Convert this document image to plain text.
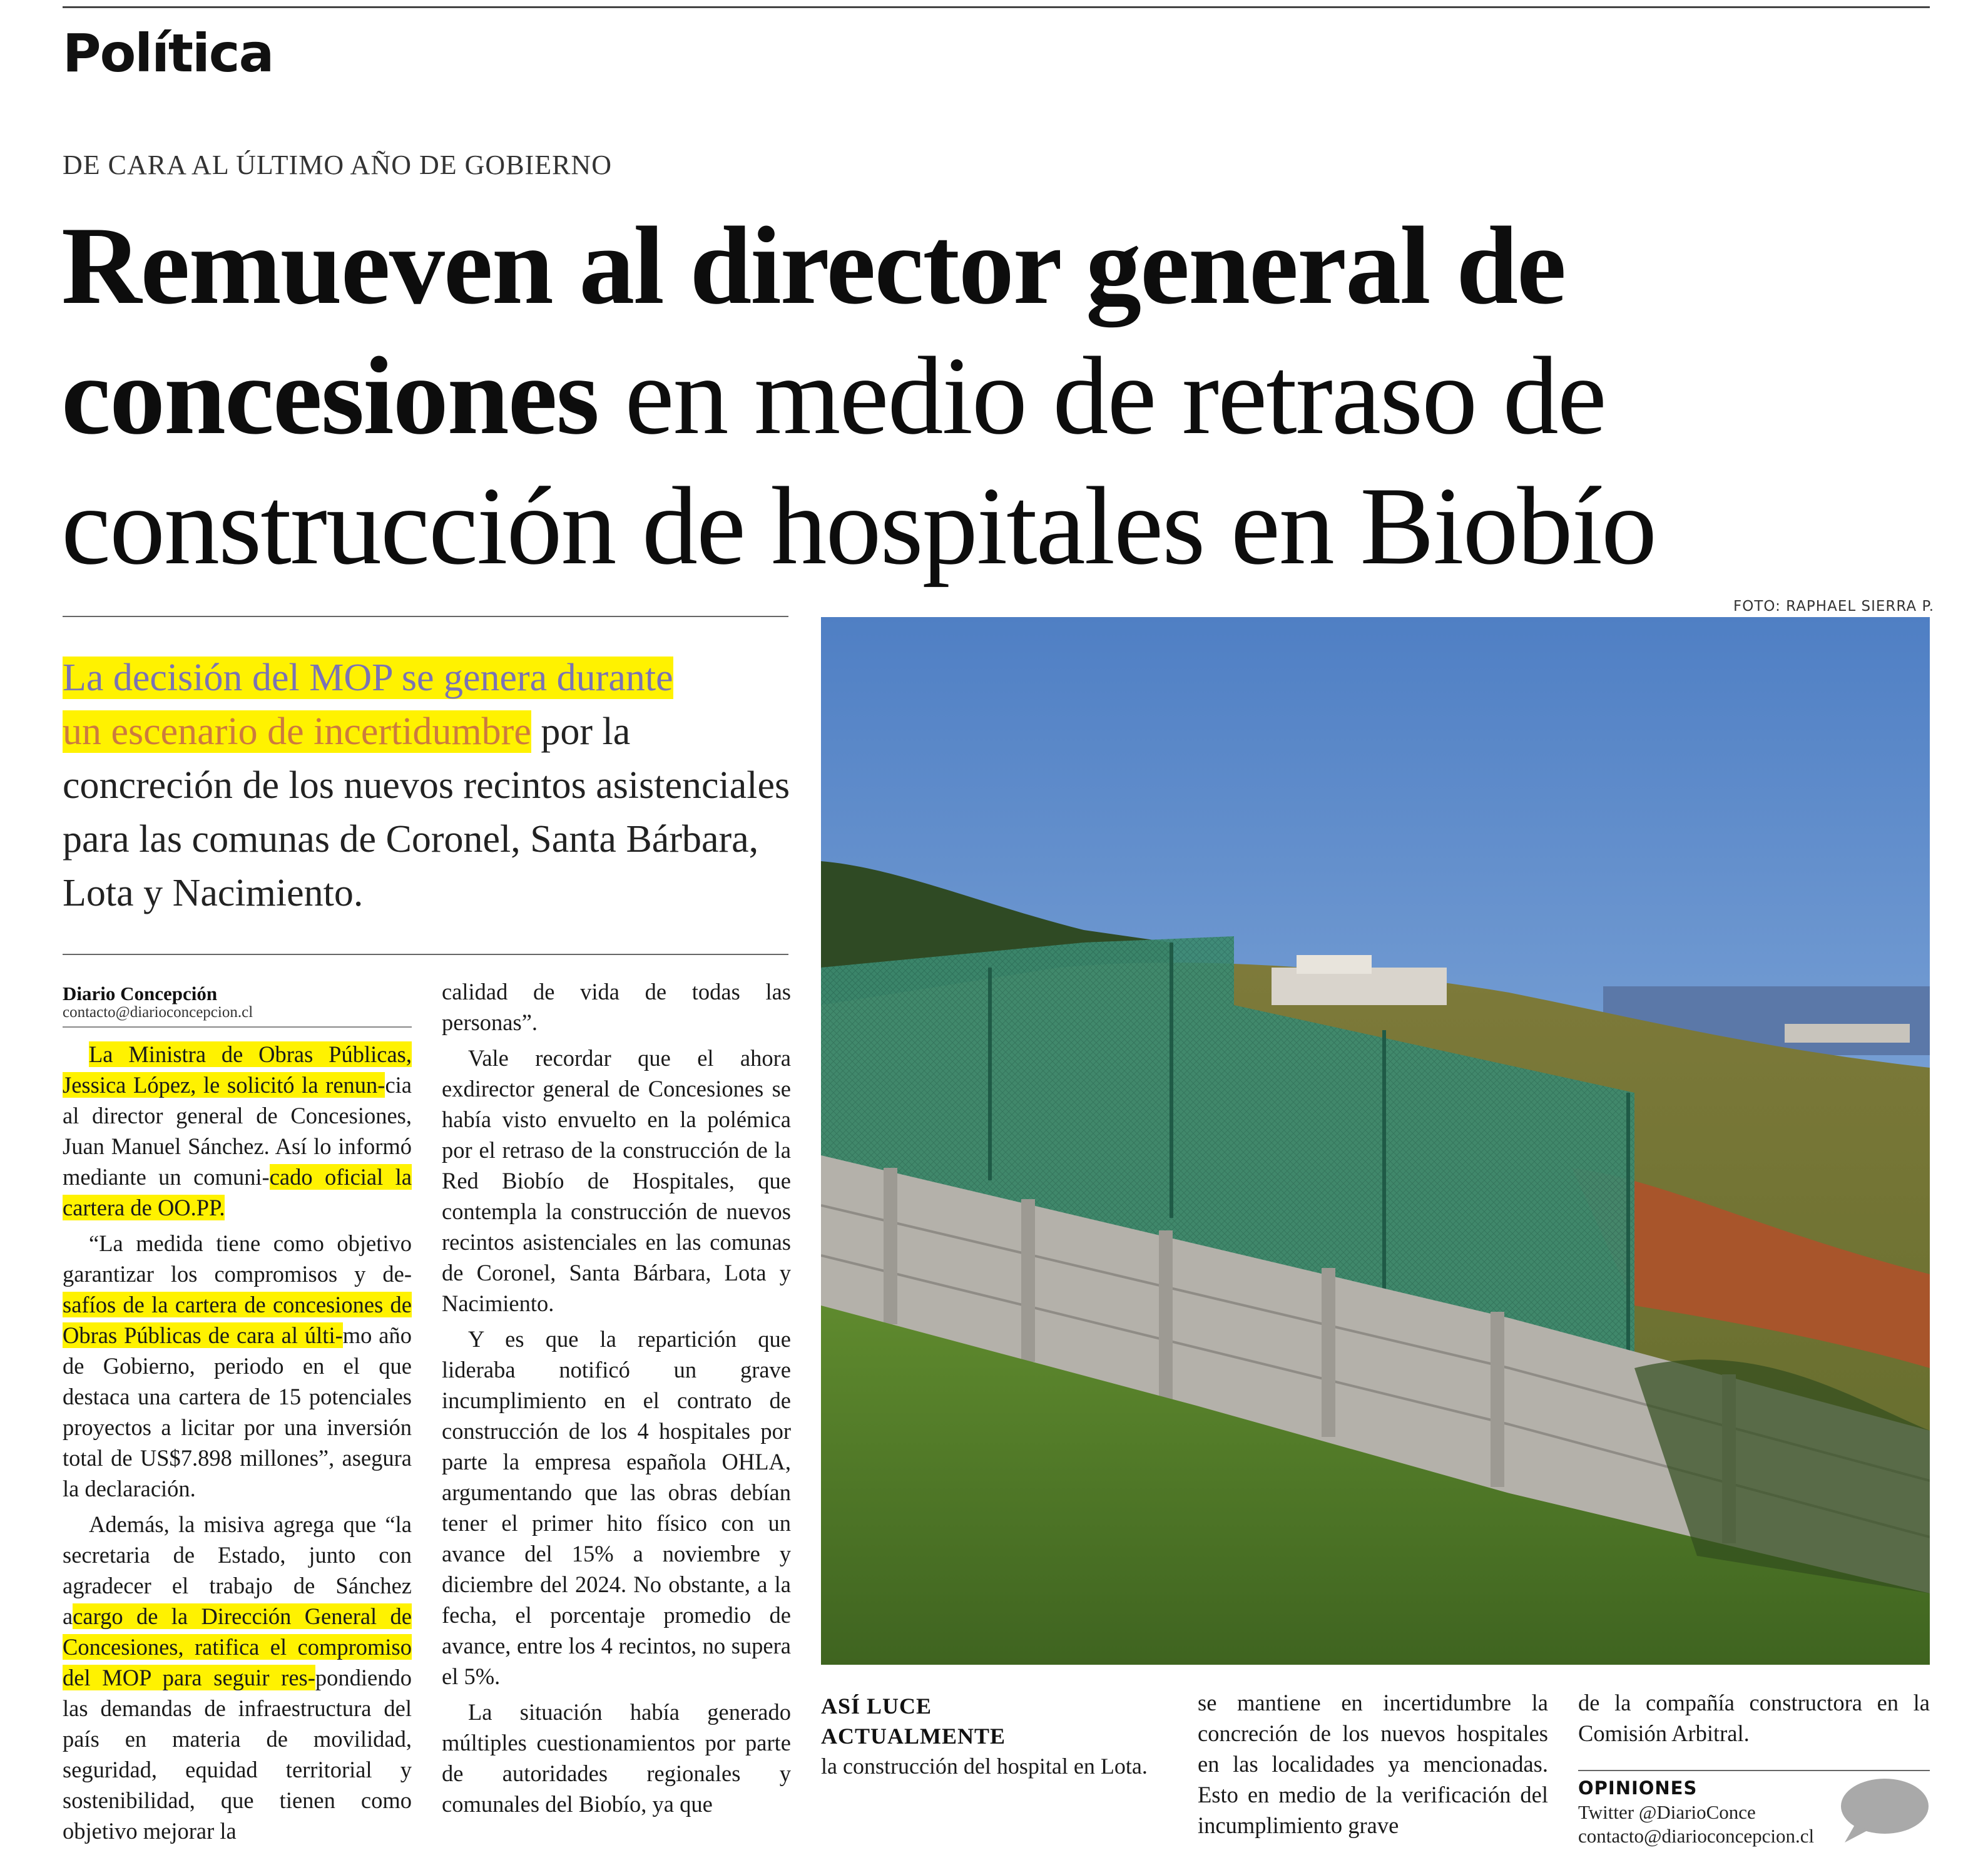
Política
DE CARA AL ÚLTIMO AÑO DE GOBIERNO
Remueven al director general de
concesiones en medio de retraso de
construcción de hospitales en Biobío
La decisión del MOP se genera durante
un escenario de incertidumbre por la concreción de los nuevos recintos asistenciales para las comunas de Coronel, Santa Bárbara, Lota y Nacimiento.
Diario Concepción
contacto@diarioconcepcion.cl

La Ministra de Obras Públicas, Jessica López, le solicitó la renun-cia al director general de Concesiones, Juan Manuel Sánchez. Así lo informó mediante un comuni-cado oficial la cartera de OO.PP.

“La medida tiene como objetivo garantizar los compromisos y de-safíos de la cartera de concesiones de Obras Públicas de cara al últi-mo año de Gobierno, periodo en el que destaca una cartera de 15 potenciales proyectos a licitar por una inversión total de US$7.898 millones”, asegura la declaración.

Además, la misiva agrega que “la secretaria de Estado, junto con agradecer el trabajo de Sánchez acargo de la Dirección General de Concesiones, ratifica el compromiso del MOP para seguir res-pondiendo las demandas de infraestructura del país en materia de movilidad, seguridad, equidad territorial y sostenibilidad, que tienen como objetivo mejorar la

calidad de vida de todas las personas”.

Vale recordar que el ahora exdirector general de Concesiones se había visto envuelto en la polémica por el retraso de la construcción de la Red Biobío de Hospitales, que contempla la construcción de nuevos recintos asistenciales en las comunas de Coronel, Santa Bárbara, Lota y Nacimiento.

Y es que la repartición que lideraba notificó un grave incumplimiento en el contrato de construcción de los 4 hospitales por parte la empresa española OHLA, argumentando que las obras debían tener el primer hito físico con un avance del 15% a noviembre y diciembre del 2024. No obstante, a la fecha, el porcentaje promedio de avance, entre los 4 recintos, no supera el 5%.

La situación había generado múltiples cuestionamientos por parte de autoridades regionales y comunales del Biobío, ya que

FOTO: RAPHAEL SIERRA P.
ASÍ LUCE
ACTUALMENTE
la construcción del hospital en Lota.

se mantiene en incertidumbre la concreción de los nuevos hospitales en las localidades ya mencionadas. Esto en medio de la verificación del incumplimiento grave

de la compañía constructora en la Comisión Arbitral.

OPINIONES
Twitter @DiarioConce
contacto@diarioconcepcion.cl
